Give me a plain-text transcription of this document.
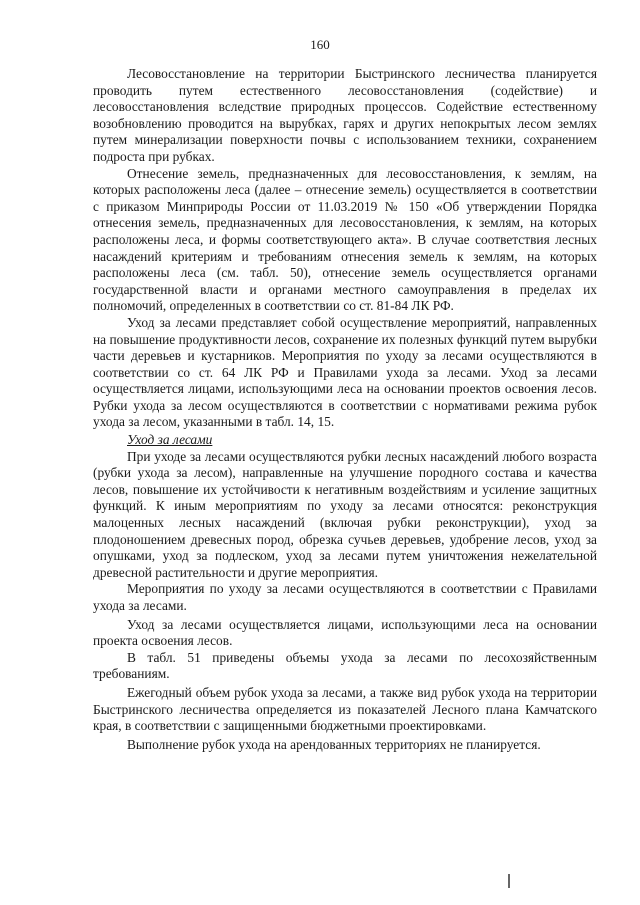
160

Лесовосстановление на территории Быстринского лесничества планируется проводить путем естественного лесовосстановления (содействие) и лесовосстановления вследствие природных процессов. Содействие естественному возобновлению проводится на вырубках, гарях и других непокрытых лесом землях путем минерализации поверхности почвы с использованием техники, сохранением подроста при рубках.

Отнесение земель, предназначенных для лесовосстановления, к землям, на которых расположены леса (далее – отнесение земель) осуществляется в соответствии с приказом Минприроды России от 11.03.2019 № 150 «Об утверждении Порядка отнесения земель, предназначенных для лесовосстановления, к землям, на которых расположены леса, и формы соответствующего акта». В случае соответствия лесных насаждений критериям и требованиям отнесения земель к землям, на которых расположены леса (см. табл. 50), отнесение земель осуществляется органами государственной власти и органами местного самоуправления в пределах их полномочий, определенных в соответствии со ст. 81-84 ЛК РФ.

Уход за лесами представляет собой осуществление мероприятий, направленных на повышение продуктивности лесов, сохранение их полезных функций путем вырубки части деревьев и кустарников. Мероприятия по уходу за лесами осуществляются в соответствии со ст. 64 ЛК РФ и Правилами ухода за лесами. Уход за лесами осуществляется лицами, использующими леса на основании проектов освоения лесов. Рубки ухода за лесом осуществляются в соответствии с нормативами режима рубок ухода за лесом, указанными в табл. 14, 15.

Уход за лесами

При уходе за лесами осуществляются рубки лесных насаждений любого возраста (рубки ухода за лесом), направленные на улучшение породного состава и качества лесов, повышение их устойчивости к негативным воздействиям и усиление защитных функций. К иным мероприятиям по уходу за лесами относятся: реконструкция малоценных лесных насаждений (включая рубки реконструкции), уход за плодоношением древесных пород, обрезка сучьев деревьев, удобрение лесов, уход за опушками, уход за подлеском, уход за лесами путем уничтожения нежелательной древесной растительности и другие мероприятия.

Мероприятия по уходу за лесами осуществляются в соответствии с Правилами ухода за лесами.

Уход за лесами осуществляется лицами, использующими леса на основании проекта освоения лесов.

В табл. 51 приведены объемы ухода за лесами по лесохозяйственным требованиям.

Ежегодный объем рубок ухода за лесами, а также вид рубок ухода на территории Быстринского лесничества определяется из показателей Лесного плана Камчатского края, в соответствии с защищенными бюджетными проектировками.

Выполнение рубок ухода на арендованных территориях не планируется.
